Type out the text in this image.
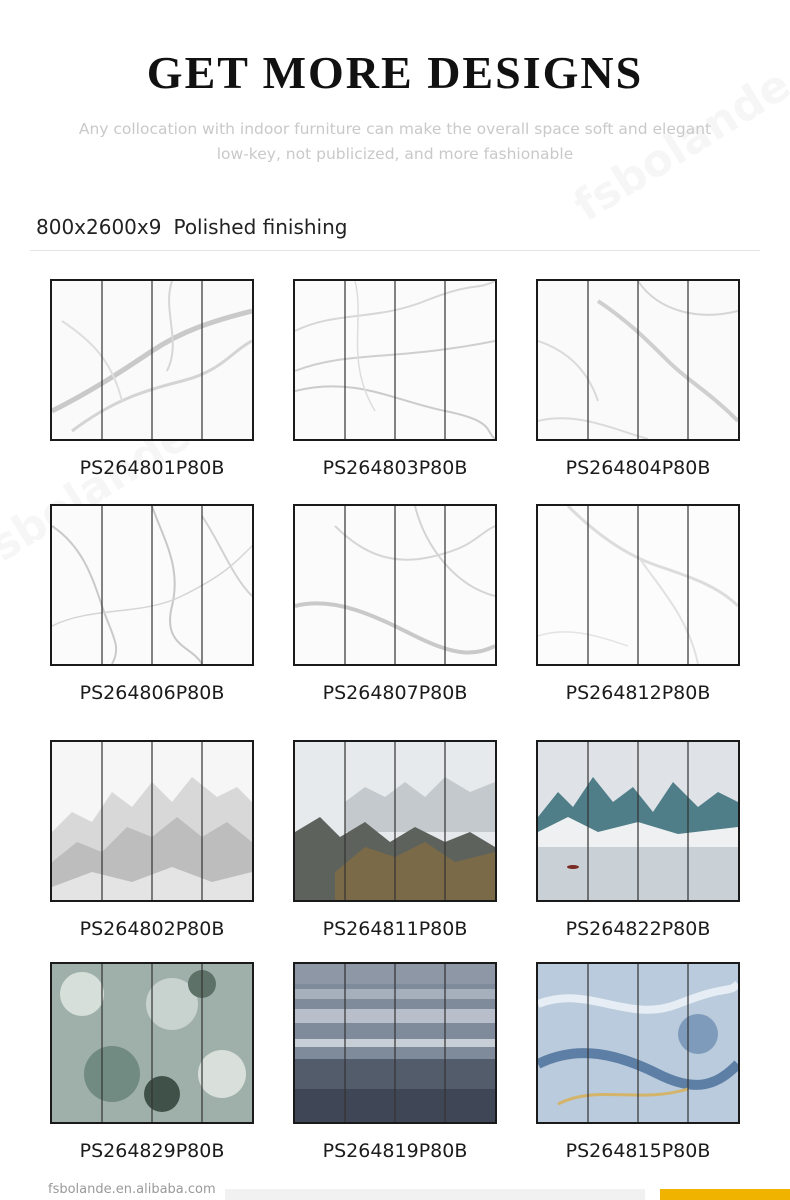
GET MORE DESIGNS
Any collocation with indoor furniture can make the overall space soft and elegant
low-key, not publicized, and more fashionable
800x2600x9 Polished finishing
PS264801P80B	PS264803P80B	PS264804P80B
PS264806P80B	PS264807P80B	PS264812P80B
PS264802P80B	PS264811P80B	PS264822P80B
PS264829P80B	PS264819P80B	PS264815P80B
fsbolande.en.alibaba.com
